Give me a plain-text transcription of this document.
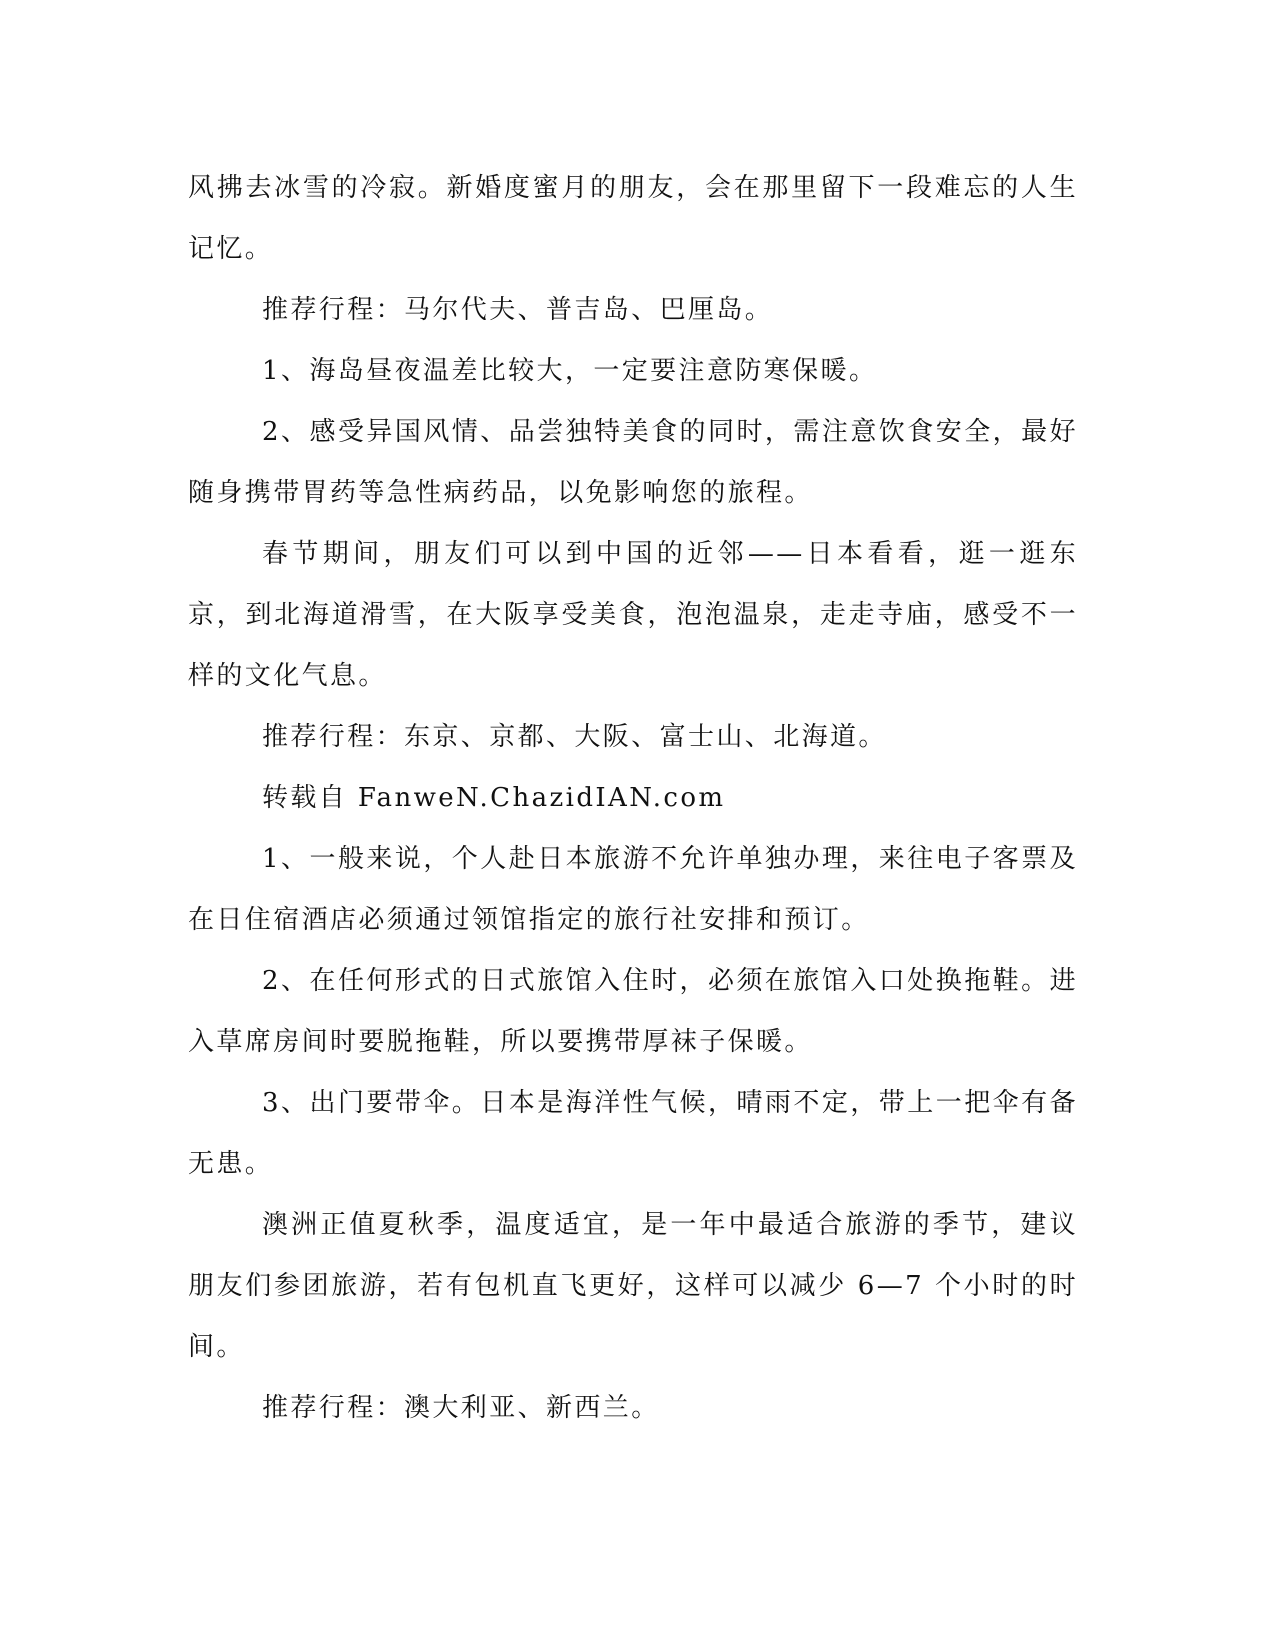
风拂去冰雪的冷寂。新婚度蜜月的朋友，会在那里留下一段难忘的人生记忆。

推荐行程：马尔代夫、普吉岛、巴厘岛。

1、海岛昼夜温差比较大，一定要注意防寒保暖。

2、感受异国风情、品尝独特美食的同时，需注意饮食安全，最好随身携带胃药等急性病药品，以免影响您的旅程。

春节期间，朋友们可以到中国的近邻——日本看看，逛一逛东京，到北海道滑雪，在大阪享受美食，泡泡温泉，走走寺庙，感受不一样的文化气息。

推荐行程：东京、京都、大阪、富士山、北海道。

转载自 FanweN.ChazidIAN.com

1、一般来说，个人赴日本旅游不允许单独办理，来往电子客票及在日住宿酒店必须通过领馆指定的旅行社安排和预订。

2、在任何形式的日式旅馆入住时，必须在旅馆入口处换拖鞋。进入草席房间时要脱拖鞋，所以要携带厚袜子保暖。

3、出门要带伞。日本是海洋性气候，晴雨不定，带上一把伞有备无患。

澳洲正值夏秋季，温度适宜，是一年中最适合旅游的季节，建议朋友们参团旅游，若有包机直飞更好，这样可以减少 6—7 个小时的时间。

推荐行程：澳大利亚、新西兰。
